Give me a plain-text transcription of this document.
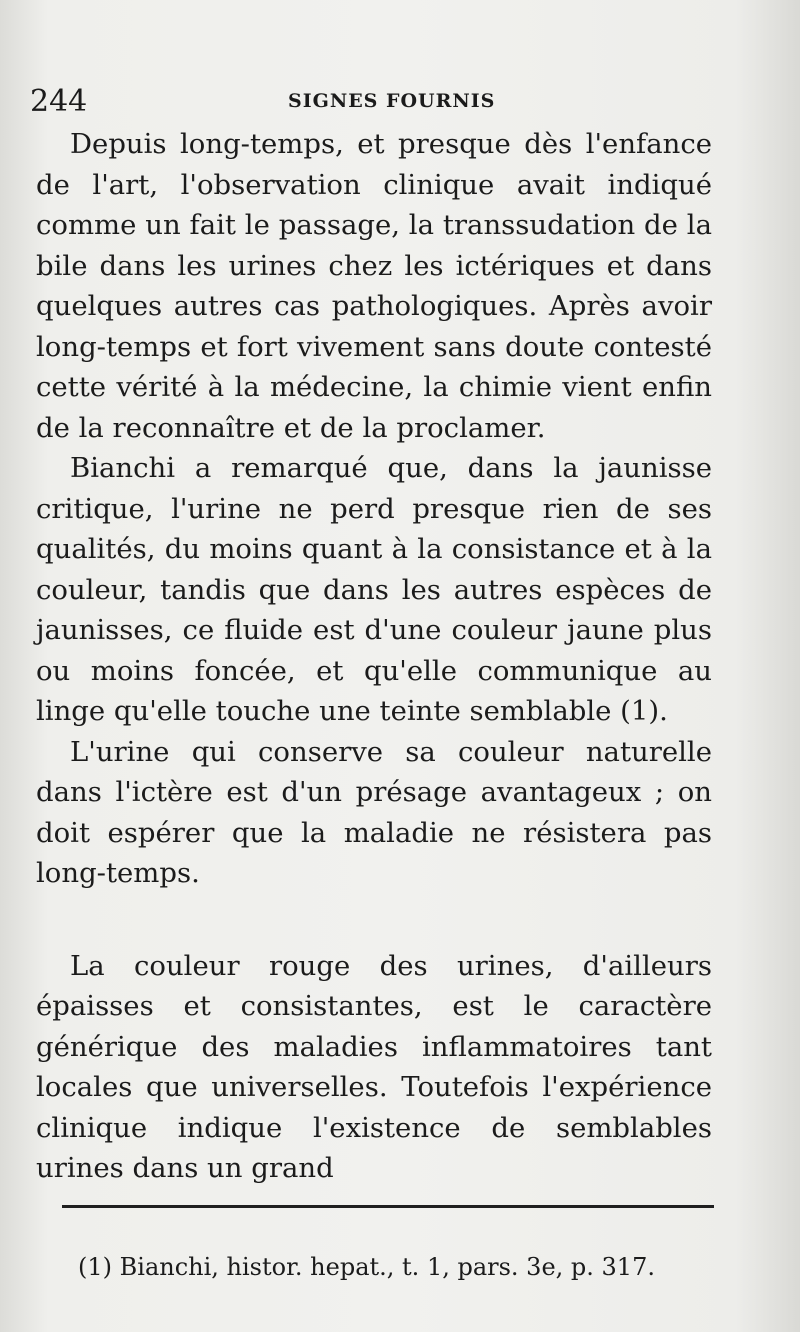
244	SIGNES FOURNIS

Depuis long-temps, et presque dès l'enfance de l'art, l'observation clinique avait indiqué comme un fait le passage, la transsudation de la bile dans les urines chez les ictériques et dans quelques autres cas pathologiques. Après avoir long-temps et fort vivement sans doute contesté cette vérité à la médecine, la chimie vient enfin de la reconnaître et de la proclamer.

Bianchi a remarqué que, dans la jaunisse critique, l'urine ne perd presque rien de ses qualités, du moins quant à la consistance et à la couleur, tandis que dans les autres espèces de jaunisses, ce fluide est d'une couleur jaune plus ou moins foncée, et qu'elle communique au linge qu'elle touche une teinte semblable (1).

L'urine qui conserve sa couleur naturelle dans l'ictère est d'un présage avantageux ; on doit espérer que la maladie ne résistera pas long-temps.

La couleur rouge des urines, d'ailleurs épaisses et consistantes, est le caractère générique des maladies inflammatoires tant locales que universelles. Toutefois l'expérience clinique indique l'existence de semblables urines dans un grand

(1) Bianchi, histor. hepat., t. 1, pars. 3e, p. 317.
